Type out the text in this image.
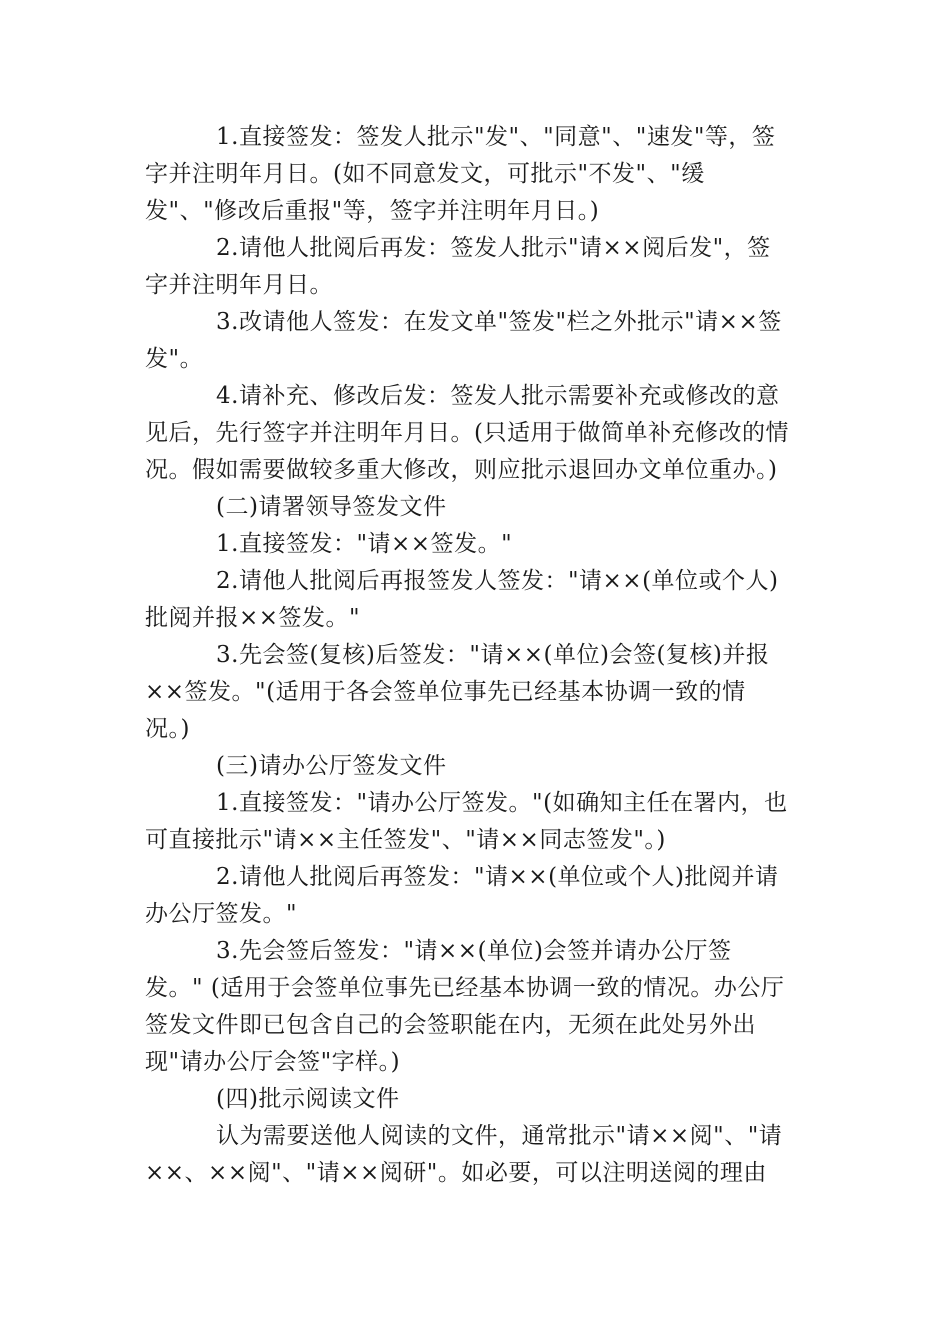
1.直接签发：签发人批示"发"、"同意"、"速发"等，签
字并注明年月日。(如不同意发文，可批示"不发"、"缓
发"、"修改后重报"等，签字并注明年月日。)
2.请他人批阅后再发：签发人批示"请××阅后发"，签
字并注明年月日。
3.改请他人签发：在发文单"签发"栏之外批示"请××签
发"。
4.请补充、修改后发：签发人批示需要补充或修改的意
见后，先行签字并注明年月日。(只适用于做简单补充修改的情
况。假如需要做较多重大修改，则应批示退回办文单位重办。)
(二)请署领导签发文件
1.直接签发："请××签发。"
2.请他人批阅后再报签发人签发："请××(单位或个人)
批阅并报××签发。"
3.先会签(复核)后签发："请××(单位)会签(复核)并报
××签发。"(适用于各会签单位事先已经基本协调一致的情
况。)
(三)请办公厅签发文件
1.直接签发："请办公厅签发。"(如确知主任在署内，也
可直接批示"请××主任签发"、"请××同志签发"。)
2.请他人批阅后再签发："请××(单位或个人)批阅并请
办公厅签发。"
3.先会签后签发："请××(单位)会签并请办公厅签
发。" (适用于会签单位事先已经基本协调一致的情况。办公厅
签发文件即已包含自己的会签职能在内，无须在此处另外出
现"请办公厅会签"字样。)
(四)批示阅读文件
认为需要送他人阅读的文件，通常批示"请××阅"、"请
××、××阅"、"请××阅研"。如必要，可以注明送阅的理由
